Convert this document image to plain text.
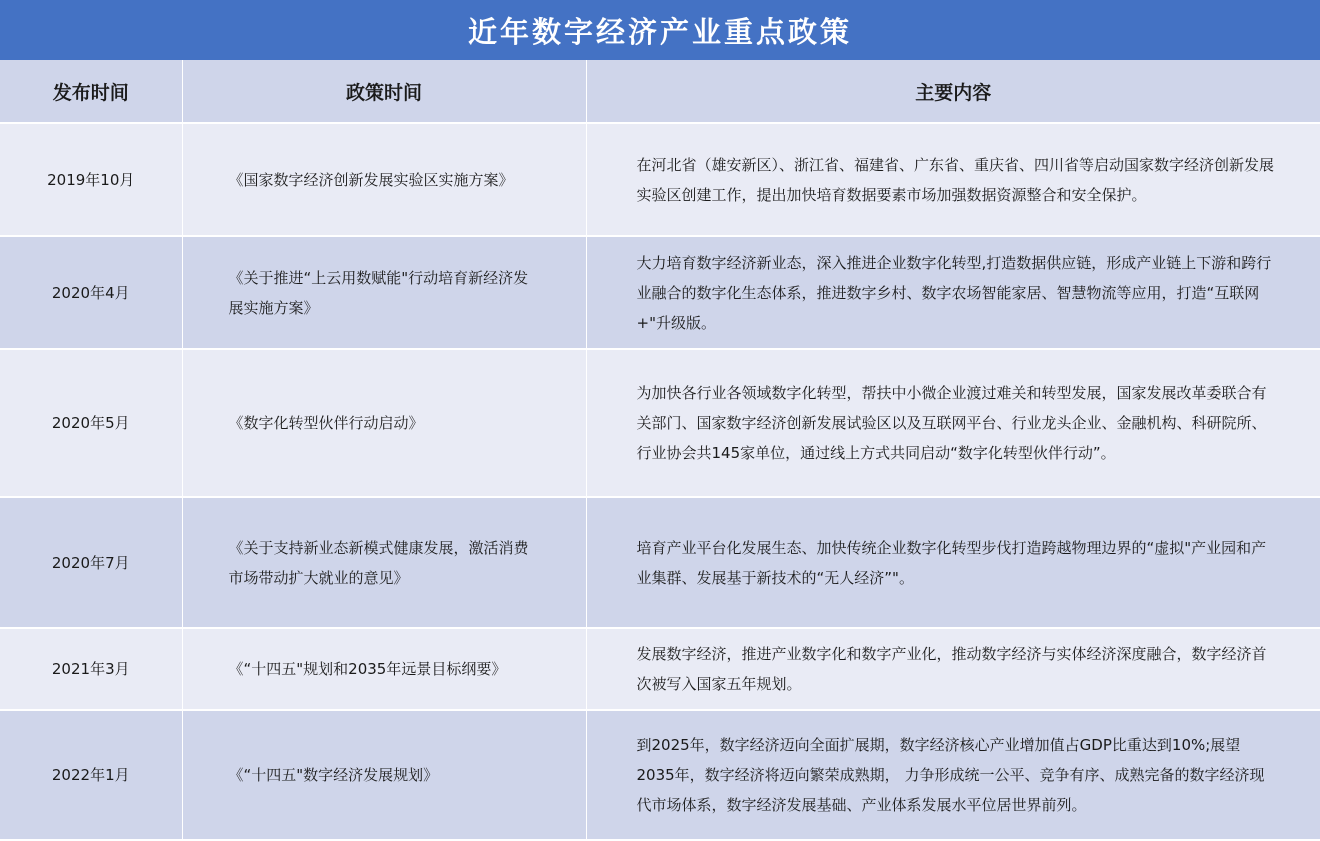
近年数字经济产业重点政策
发布时间	政策时间	主要内容
2019年10月	《国家数字经济创新发展实验区实施方案》	在河北省（雄安新区）、浙江省、福建省、广东省、重庆省、四川省等启动国家数字经济创新发展实验区创建工作，提出加快培育数据要素市场加强数据资源整合和安全保护。
2020年4月	《关于推进“上云用数赋能"行动培育新经济发展实施方案》	大力培育数字经济新业态，深入推进企业数字化转型,打造数据供应链，形成产业链上下游和跨行业融合的数字化生态体系，推进数字乡村、数字农场智能家居、智慧物流等应用，打造“互联网+"升级版。
2020年5月	《数字化转型伙伴行动启动》	为加快各行业各领域数字化转型，帮扶中小微企业渡过难关和转型发展，国家发展改革委联合有关部门、国家数字经济创新发展试验区以及互联网平台、行业龙头企业、金融机构、科研院所、行业协会共145家单位，通过线上方式共同启动“数字化转型伙伴行动”。
2020年7月	《关于支持新业态新模式健康发展，激活消费市场带动扩大就业的意见》	培育产业平台化发展生态、加快传统企业数字化转型步伐打造跨越物理边界的“虚拟"产业园和产业集群、发展基于新技术的“无人经济”"。
2021年3月	《“十四五"规划和2035年远景目标纲要》	发展数字经济，推进产业数字化和数字产业化，推动数字经济与实体经济深度融合，数字经济首次被写入国家五年规划。
2022年1月	《“十四五"数字经济发展规划》	到2025年，数字经济迈向全面扩展期，数字经济核心产业增加值占GDP比重达到10%;展望2035年，数字经济将迈向繁荣成熟期， 力争形成统一公平、竞争有序、成熟完备的数字经济现代市场体系，数字经济发展基础、产业体系发展水平位居世界前列。
